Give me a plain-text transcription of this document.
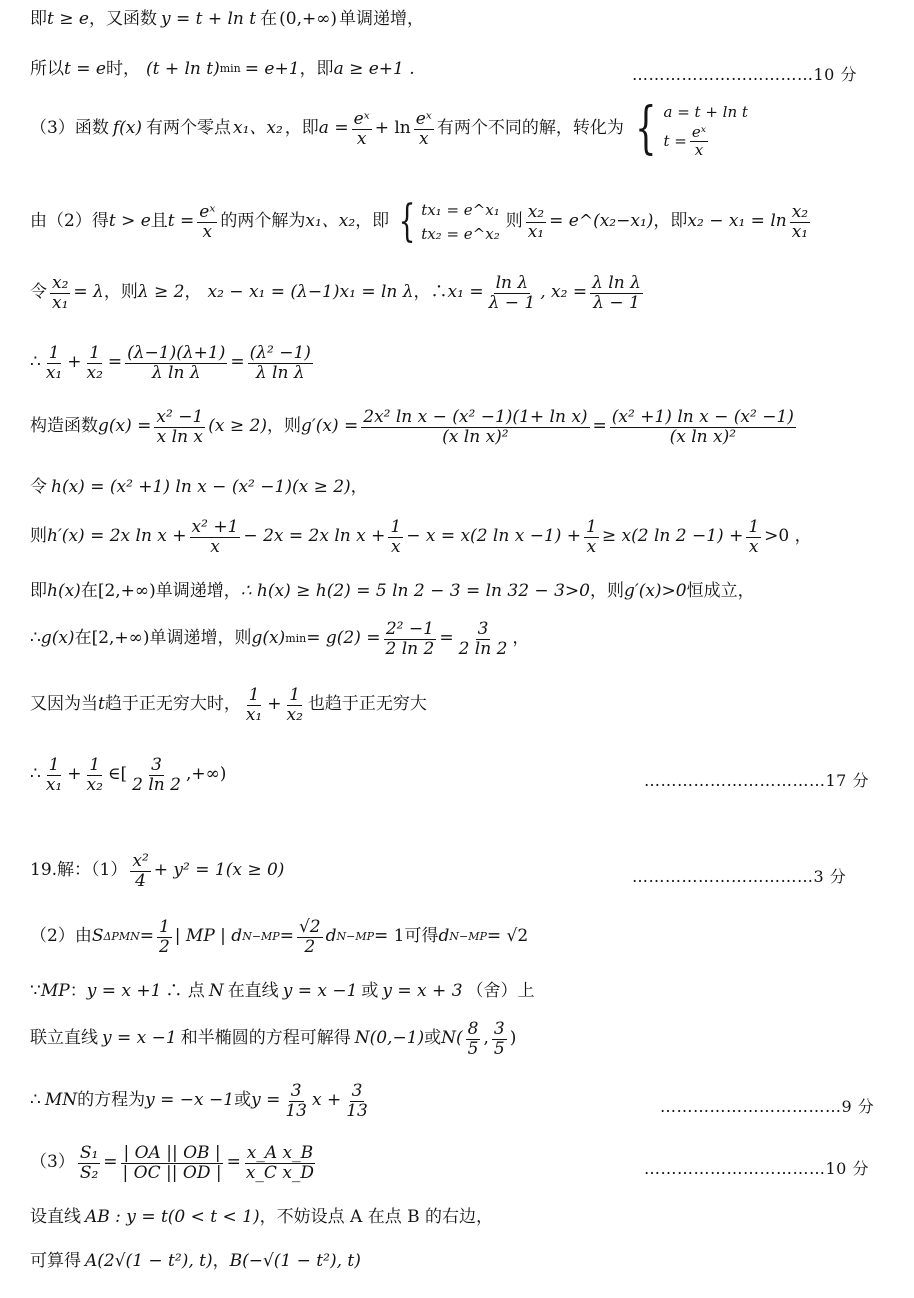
即 t ≥ e ，又函数 y = t + ln t 在 (0,+∞) 单调递增，
所以 t = e 时， (t + ln t) min = e+1 ，即 a ≥ e+1 .	……………………………10 分
（3）函数 f(x) 有两个零点 x₁、x₂ ，即 $a = \frac{\text{eˣ}}{x} + \ln \frac{\text{eˣ}}{x}$ 有两个不同的解，转化为 { a = t + ln t
$t = \frac{\text{eˣ}}{x}$
由（2）得 t > e 且 $t = \frac{\text{eˣ}}{x}$ 的两个解为 x₁、x₂ ，即 { tx₁ = e^x₁
tx₂ = e^x₂
则 $\frac{\text{x₂}}{\text{x₁}}$ = e^(x₂−x₁) ，即 $x_2 - x_1 = \ln \frac{\text{x₂}}{\text{x₁}}$
令 $\frac{\text{x₂}}{\text{x₁}} = \lambda$ ，则 λ ≥ 2 ， x₂ − x₁ = (λ−1)x₁ = ln λ ，∴ $x_1 = \frac{\text{ln λ}}{\lambda - 1}$ , $x_2 = \frac{\text{λ ln λ}}{\lambda - 1}$
∴ $\frac{1}{\text{x₁}} + \frac{1}{\text{x₂}} = \frac{(\lambda-1)(\lambda+1)}{\text{λ ln λ}} = \frac{\text{(λ² −1)}}{\text{λ ln λ}}$
构造函数 $g(x) = \frac{\text{x² −1}}{\text{x ln x}} (x \ge 2)$ ，则 $g'(x) = \frac{\text{2x² ln x − (x² −1)(1+ ln x)}}{\text{(x ln x)²}} = \frac{\text{(x² +1) ln x − (x² −1)}}{\text{(x ln x)²}}$
令 h(x) = (x² +1) ln x − (x² −1)(x ≥ 2) ，
则 h′(x) = 2x $\ln x + \frac{\text{x² +1}}{x} - 2x = 2x$ $\ln x + \frac{1}{x} - x = x(2$ $\ln x -1) + \frac{1}{x} \ge x(2$ $\ln 2 -1) + \frac{1}{x} >0$ ，
即 h(x) 在 [2,+∞) 单调递增， ∴ h(x) ≥ h(2) = 5 ln 2 − 3 = ln 32 − 3>0 ，则 g′(x)>0 恒成立，
∴ g(x) 在 [2,+∞) 单调递增，则 g(x) $\min = g(2) = \frac{\text{2² −1}}{2 \ln 2} = \frac{3}{2 \ln 2}$ ，
又因为当 t 趋于正无穷大时， $\frac{1}{\text{x₁}} + \frac{1}{\text{x₂}}$ 也趋于正无穷大
∴ $\frac{1}{\text{x₁}} + \frac{1}{\text{x₂}}$ ∈[ $\frac{3}{2 \ln 2}$ ,+∞)	……………………………17 分
19.解：$(1) \frac{\text{x²}}{4} + y^2 = 1(x \ge 0)$	……………………………3 分
（2）由 S $\Delta PMN = \frac{1}{2}$ | MP | d $N-MP = \frac{√2}{2}$ d N−MP = 1 可得 d N−MP = √2
∵ MP ： y = x +1 ∴ 点 N 在直线 y = x −1 或 y = x + 3 （舍）上
联立直线 y = x −1 和半椭圆的方程可解得 N(0,−1) 或 $N( \frac{8}{5}$ , $\frac{3}{5}$ )
∴ MN 的方程为 y = −x −1 或 $y = \frac{3}{13}$ $x + \frac{3}{13}$	……………………………9 分
$(3) \frac{\text{S₁}}{\text{S₂}} = \frac{| OA || OB |}{| OC || OD |} = \frac{\text{x\_A x\_B}}{\text{x\_C x\_D}}$	……………………………10 分
设直线 AB : y = t(0 < t < 1) ，不妨设点 A 在点 B 的右边，
可算得 A(2√(1 − t²), t) ， B(−√(1 − t²), t)
